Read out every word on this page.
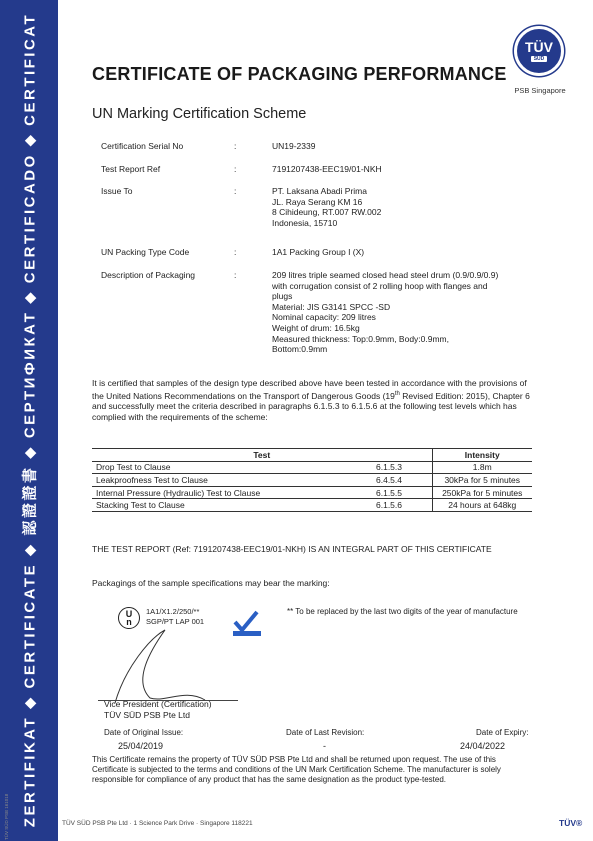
ZERTIFIKAT ◆ CERTIFICATE ◆ 認證證書 ◆ СЕРТИФИКАТ ◆ CERTIFICADO ◆ CERTIFICAT
TÜV SÜD PSB 161018
TÜV
SÜD
PSB Singapore
CERTIFICATE OF PACKAGING PERFORMANCE
UN Marking Certification Scheme
Certification Serial No	:	UN19-2339
Test Report Ref	:	7191207438-EEC19/01-NKH
Issue To	:	PT. Laksana Abadi Prima
JL. Raya Serang KM 16
8 Cihideung, RT.007 RW.002
Indonesia, 15710
UN Packing Type Code	:	1A1 Packing Group I (X)
Description of Packaging	:	209 litres triple seamed closed head steel drum (0.9/0.9/0.9)
with corrugation consist of 2 rolling hoop with flanges and
plugs
Material: JIS G3141 SPCC -SD
Nominal capacity: 209 litres
Weight of drum: 16.5kg
Measured thickness: Top:0.9mm, Body:0.9mm,
Bottom:0.9mm
It is certified that samples of the design type described above have been tested in accordance with the provisions of the United Nations Recommendations on the Transport of Dangerous Goods (19th Revised Edition: 2015), Chapter 6 and successfully meet the criteria described in paragraphs 6.1.5.3 to 6.1.5.6 at the following test levels which has complied with the requirements of the scheme:
Test		Intensity
Drop Test to Clause	6.1.5.3	1.8m
Leakproofness Test to Clause	6.4.5.4	30kPa for 5 minutes
Internal Pressure (Hydraulic) Test to Clause	6.1.5.5	250kPa for 5 minutes
Stacking Test to Clause	6.1.5.6	24 hours at 648kg
THE TEST REPORT (Ref: 7191207438-EEC19/01-NKH) IS AN INTEGRAL PART OF THIS CERTIFICATE
Packagings of the sample specifications may bear the marking:
U
n
1A1/X1.2/250/**
SGP/PT LAP 001
** To be replaced by the last two digits of the year of manufacture
Vice President (Certification)
TÜV SÜD PSB Pte Ltd
Date of Original Issue:
25/04/2019
Date of Last Revision:
-
Date of Expiry:
24/04/2022
This Certificate remains the property of TÜV SÜD PSB Pte Ltd and shall be returned upon request. The use of this Certificate is subjected to the terms and conditions of the UN Mark Certification Scheme. The manufacturer is solely responsible for compliance of any product that has the same designation as the product type-tested.
TÜV SÜD PSB Pte Ltd · 1 Science Park Drive · Singapore 118221	TÜV®
